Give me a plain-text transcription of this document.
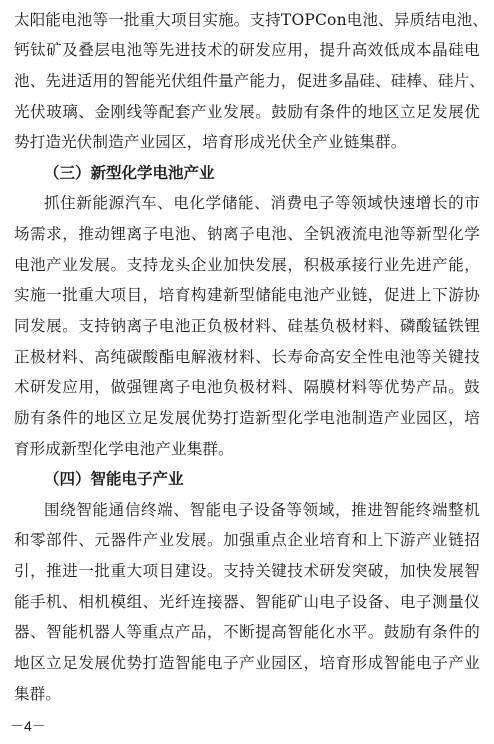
太阳能电池等一批重大项目实施。支持TOPCon电池、异质结电池、
钙钛矿及叠层电池等先进技术的研发应用，提升高效低成本晶硅电
池、先进适用的智能光伏组件量产能力，促进多晶硅、硅棒、硅片、
光伏玻璃、金刚线等配套产业发展。鼓励有条件的地区立足发展优
势打造光伏制造产业园区，培育形成光伏全产业链集群。
（三）新型化学电池产业
抓住新能源汽车、电化学储能、消费电子等领域快速增长的市
场需求，推动锂离子电池、钠离子电池、全钒液流电池等新型化学
电池产业发展。支持龙头企业加快发展，积极承接行业先进产能，
实施一批重大项目，培育构建新型储能电池产业链，促进上下游协
同发展。支持钠离子电池正负极材料、硅基负极材料、磷酸锰铁锂
正极材料、高纯碳酸酯电解液材料、长寿命高安全性电池等关键技
术研发应用，做强锂离子电池负极材料、隔膜材料等优势产品。鼓
励有条件的地区立足发展优势打造新型化学电池制造产业园区，培
育形成新型化学电池产业集群。
（四）智能电子产业
围绕智能通信终端、智能电子设备等领域，推进智能终端整机
和零部件、元器件产业发展。加强重点企业培育和上下游产业链招
引，推进一批重大项目建设。支持关键技术研发突破，加快发展智
能手机、相机模组、光纤连接器、智能矿山电子设备、电子测量仪
器、智能机器人等重点产品，不断提高智能化水平。鼓励有条件的
地区立足发展优势打造智能电子产业园区，培育形成智能电子产业
集群。
－4－
